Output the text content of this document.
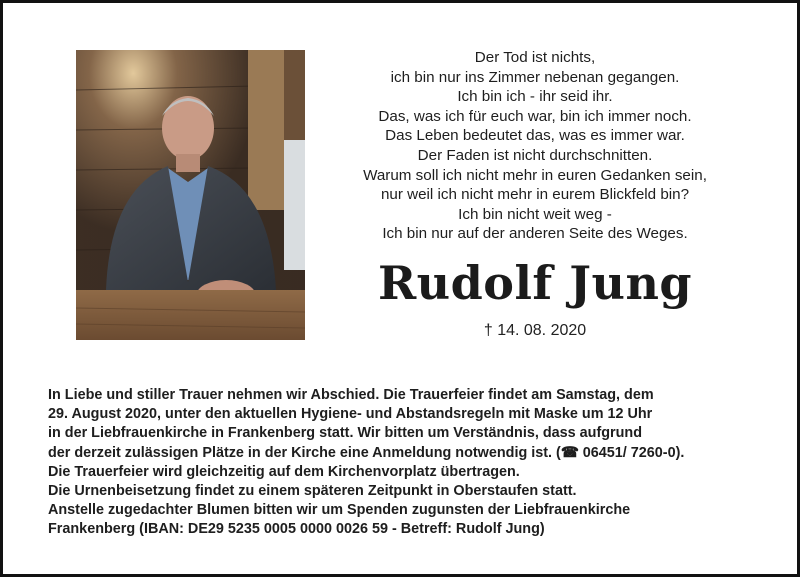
Der Tod ist nichts,
ich bin nur ins Zimmer nebenan gegangen.
Ich bin ich - ihr seid ihr.
Das, was ich für euch war, bin ich immer noch.
Das Leben bedeutet das, was es immer war.
Der Faden ist nicht durchschnitten.
Warum soll ich nicht mehr in euren Gedanken sein,
nur weil ich nicht mehr in eurem Blickfeld bin?
Ich bin nicht weit weg -
Ich bin nur auf der anderen Seite des Weges.
Rudolf Jung
† 14. 08. 2020
In Liebe und stiller Trauer nehmen wir Abschied. Die Trauerfeier findet am Samstag, dem
29. August 2020, unter den aktuellen Hygiene- und Abstandsregeln mit Maske um 12 Uhr
in der Liebfrauenkirche in Frankenberg statt. Wir bitten um Verständnis, dass aufgrund
der derzeit zulässigen Plätze in der Kirche eine Anmeldung notwendig ist. (☎ 06451/ 7260-0).
Die Trauerfeier wird gleichzeitig auf dem Kirchenvorplatz übertragen.
Die Urnenbeisetzung findet zu einem späteren Zeitpunkt in Oberstaufen statt.
Anstelle zugedachter Blumen bitten wir um Spenden zugunsten der Liebfrauenkirche
Frankenberg (IBAN: DE29 5235 0005 0000 0026 59 - Betreff: Rudolf Jung)
